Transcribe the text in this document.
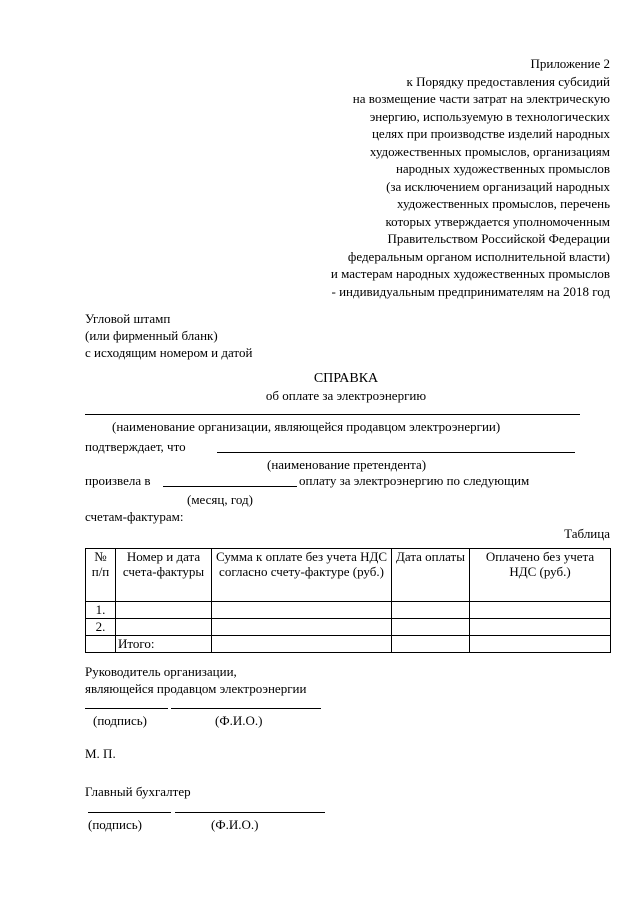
Приложение 2
к Порядку предоставления субсидий
на возмещение части затрат на электрическую
энергию, используемую в технологических
целях при производстве изделий народных
художественных промыслов, организациям
народных художественных промыслов
(за исключением организаций народных
художественных промыслов, перечень
которых утверждается уполномоченным
Правительством Российской Федерации
федеральным органом исполнительной власти)
и мастерам народных художественных промыслов
- индивидуальным предпринимателям на 2018 год
Угловой штамп
(или фирменный бланк)
с исходящим номером и датой
СПРАВКА
об оплате за электроэнергию
(наименование организации, являющейся продавцом электроэнергии)
подтверждает, что
(наименование претендента)
произвела в	оплату за электроэнергию по следующим
(месяц, год)
счетам-фактурам:
Таблица
№ п/п	Номер и дата счета-фактуры	Сумма к оплате без учета НДС согласно счету-фактуре (руб.)	Дата оплаты	Оплачено без учета НДС (руб.)
1.				
2.				
	Итого:			
Руководитель организации,
являющейся продавцом электроэнергии
(подпись)	(Ф.И.О.)
М. П.
Главный бухгалтер
(подпись)	(Ф.И.О.)
